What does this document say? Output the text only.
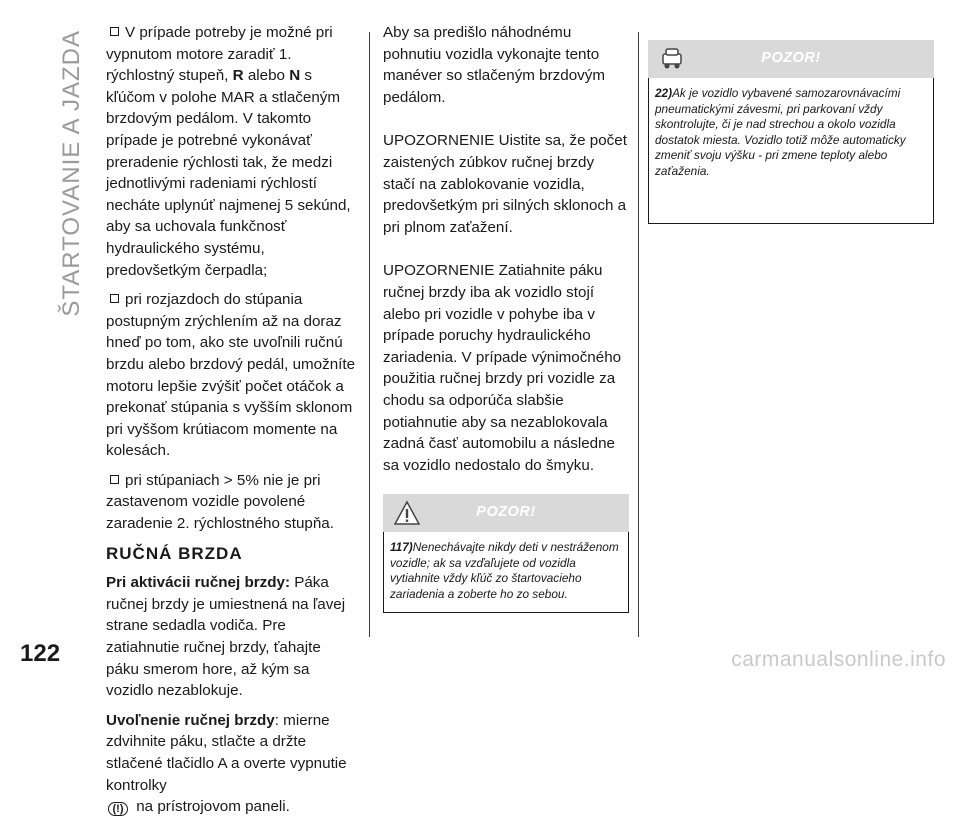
ŠTARTOVANIE A JAZDA	V prípade potreby je možné pri vypnutom motore zaradiť 1. rýchlostný stupeň, R alebo N s kľúčom v polohe MAR a stlačeným brzdovým pedálom. V takomto prípade je potrebné vykonávať preradenie rýchlosti tak, že medzi jednotlivými radeniami rýchlostí necháte uplynúť najmenej 5 sekúnd, aby sa uchovala funkčnosť hydraulického systému, predovšetkým čerpadla;
pri rozjazdoch do stúpania postupným zrýchlením až na doraz hneď po tom, ako ste uvoľnili ručnú brzdu alebo brzdový pedál, umožníte motoru lepšie zvýšiť počet otáčok a prekonať stúpania s vyšším sklonom pri vyššom krútiacom momente na kolesách.
pri stúpaniach > 5% nie je pri zastavenom vozidle povolené zaradenie 2. rýchlostného stupňa.
RUČNÁ BRZDA
Pri aktivácii ručnej brzdy: Páka ručnej brzdy je umiestnená na ľavej strane sedadla vodiča. Pre zatiahnutie ručnej brzdy, ťahajte páku smerom hore, až kým sa vozidlo nezablokuje.
Uvoľnenie ručnej brzdy: mierne zdvihnite páku, stlačte a držte stlačené tlačidlo A a overte vypnutie kontrolky
(!) na prístrojovom paneli.
Aby sa predišlo náhodnému pohnutiu vozidla vykonajte tento manéver so stlačeným brzdovým pedálom.
UPOZORNENIE Uistite sa, že počet zaistených zúbkov ručnej brzdy stačí na zablokovanie vozidla, predovšetkým pri silných sklonoch a pri plnom zaťažení.
UPOZORNENIE Zatiahnite páku ručnej brzdy iba ak vozidlo stojí alebo pri vozidle v pohybe iba v prípade poruchy hydraulického zariadenia. V prípade výnimočného použitia ručnej brzdy pri vozidle za chodu sa odporúča slabšie potiahnutie aby sa nezablokovala zadná časť automobilu a následne sa vozidlo nedostalo do šmyku.
POZOR!
117)Nenechávajte nikdy deti v nestráženom vozidle; ak sa vzďaľujete od vozidla vytiahnite vždy kľúč zo štartovacieho zariadenia a zoberte ho zo sebou.
POZOR!
22)Ak je vozidlo vybavené samozarovnávacími pneumatickými závesmi, pri parkovaní vždy skontrolujte, či je nad strechou a okolo vozidla dostatok miesta. Vozidlo totiž môže automaticky zmeniť svoju výšku - pri zmene teploty alebo zaťaženia.
122	carmanualsonline.info
